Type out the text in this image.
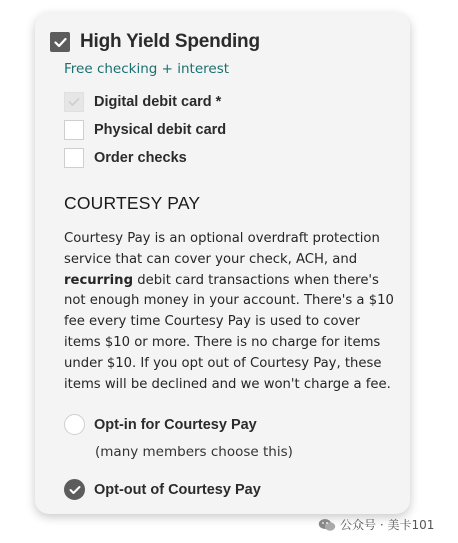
High Yield Spending
Free checking + interest
Digital debit card *
Physical debit card
Order checks
COURTESY PAY

Courtesy Pay is an optional overdraft protection service that can cover your check, ACH, and recurring debit card transactions when there's not enough money in your account. There's a $10 fee every time Courtesy Pay is used to cover items $10 or more. There is no charge for items under $10. If you opt out of Courtesy Pay, these items will be declined and we won't charge a fee.

Opt-in for Courtesy Pay
(many members choose this)
Opt-out of Courtesy Pay
公众号 · 美卡101
